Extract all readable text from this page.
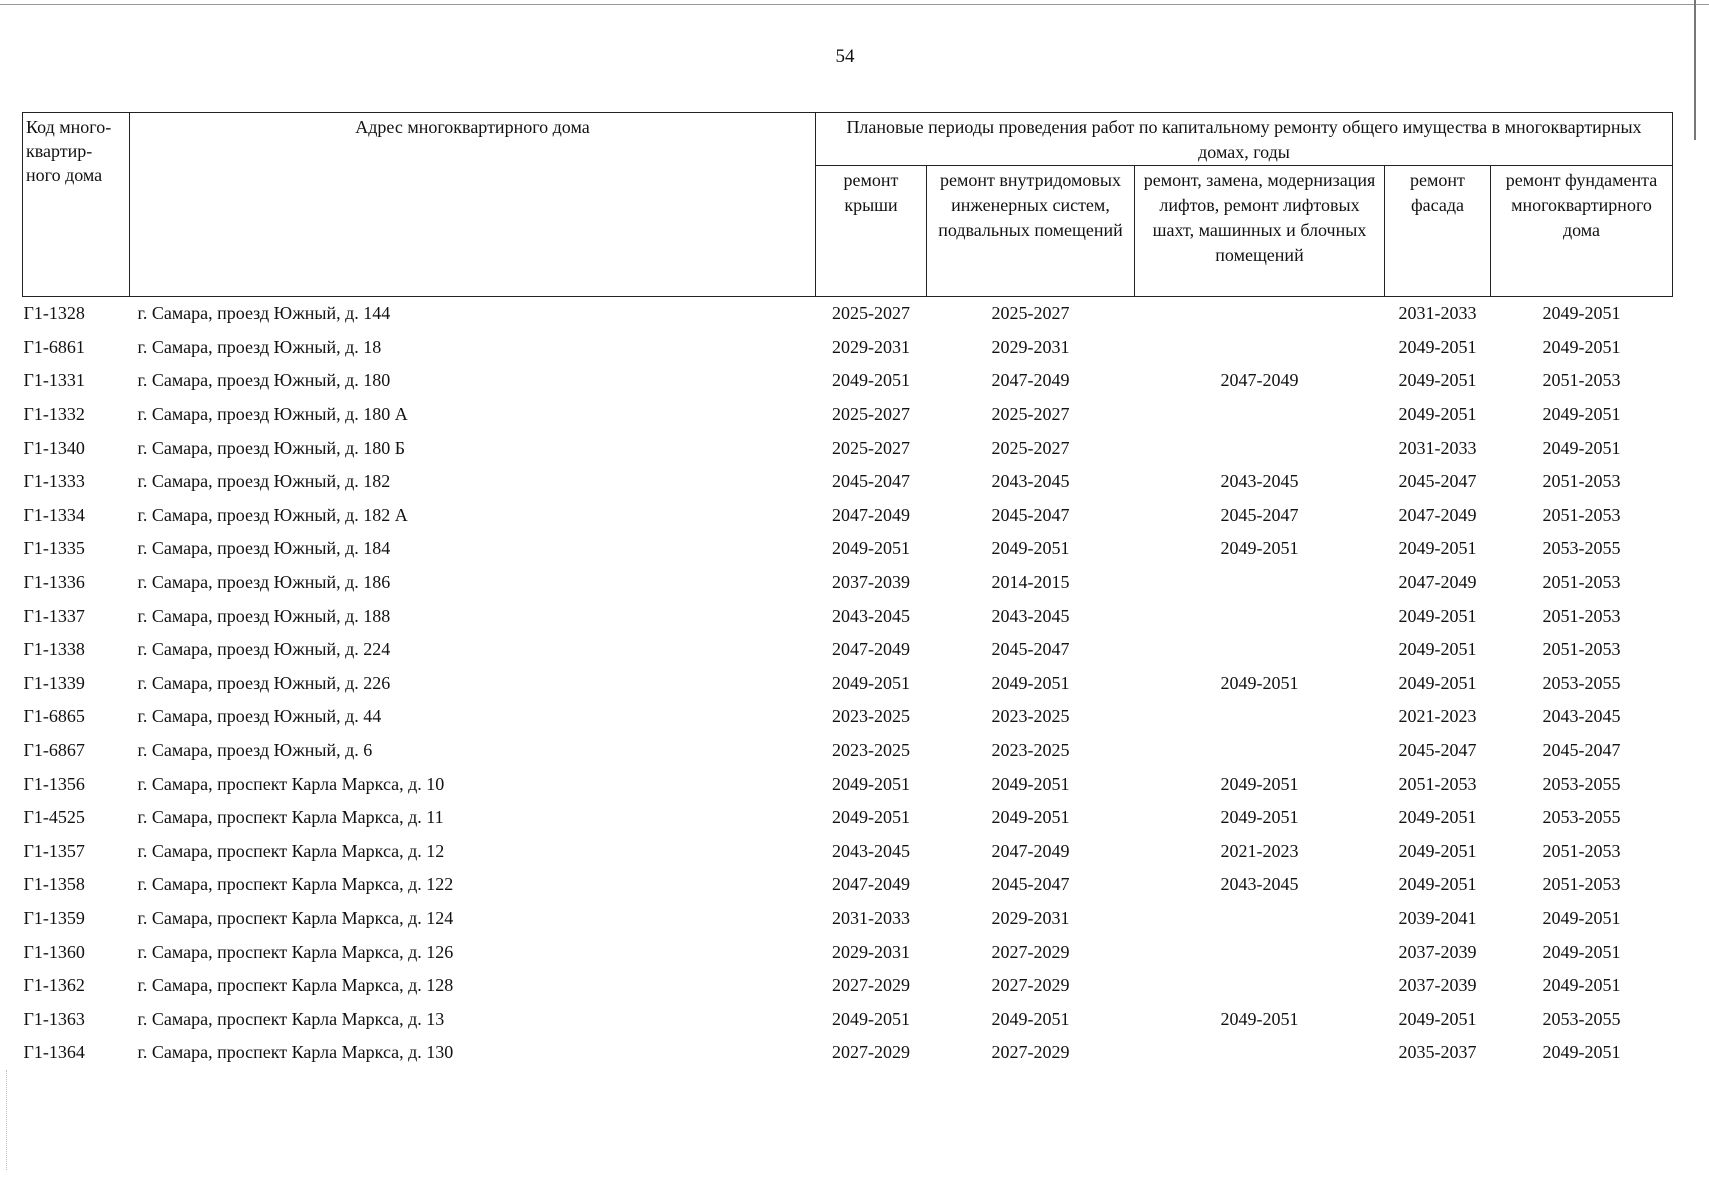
54
Код много-квартир-ного дома	Адрес многоквартирного дома	Плановые периоды проведения работ по капитальному ремонту общего имущества в многоквартирных домах, годы				
		ремонт крыши	ремонт внутридомовых инженерных систем, подвальных помещений	ремонт, замена, модернизация лифтов, ремонт лифтовых шахт, машинных и блочных помещений	ремонт фасада	ремонт фундамента многоквартирного дома
Г1-1328	г. Самара, проезд Южный, д. 144	2025-2027	2025-2027		2031-2033	2049-2051
Г1-6861	г. Самара, проезд Южный, д. 18	2029-2031	2029-2031		2049-2051	2049-2051
Г1-1331	г. Самара, проезд Южный, д. 180	2049-2051	2047-2049	2047-2049	2049-2051	2051-2053
Г1-1332	г. Самара, проезд Южный, д. 180 А	2025-2027	2025-2027		2049-2051	2049-2051
Г1-1340	г. Самара, проезд Южный, д. 180 Б	2025-2027	2025-2027		2031-2033	2049-2051
Г1-1333	г. Самара, проезд Южный, д. 182	2045-2047	2043-2045	2043-2045	2045-2047	2051-2053
Г1-1334	г. Самара, проезд Южный, д. 182 А	2047-2049	2045-2047	2045-2047	2047-2049	2051-2053
Г1-1335	г. Самара, проезд Южный, д. 184	2049-2051	2049-2051	2049-2051	2049-2051	2053-2055
Г1-1336	г. Самара, проезд Южный, д. 186	2037-2039	2014-2015		2047-2049	2051-2053
Г1-1337	г. Самара, проезд Южный, д. 188	2043-2045	2043-2045		2049-2051	2051-2053
Г1-1338	г. Самара, проезд Южный, д. 224	2047-2049	2045-2047		2049-2051	2051-2053
Г1-1339	г. Самара, проезд Южный, д. 226	2049-2051	2049-2051	2049-2051	2049-2051	2053-2055
Г1-6865	г. Самара, проезд Южный, д. 44	2023-2025	2023-2025		2021-2023	2043-2045
Г1-6867	г. Самара, проезд Южный, д. 6	2023-2025	2023-2025		2045-2047	2045-2047
Г1-1356	г. Самара, проспект Карла Маркса, д. 10	2049-2051	2049-2051	2049-2051	2051-2053	2053-2055
Г1-4525	г. Самара, проспект Карла Маркса, д. 11	2049-2051	2049-2051	2049-2051	2049-2051	2053-2055
Г1-1357	г. Самара, проспект Карла Маркса, д. 12	2043-2045	2047-2049	2021-2023	2049-2051	2051-2053
Г1-1358	г. Самара, проспект Карла Маркса, д. 122	2047-2049	2045-2047	2043-2045	2049-2051	2051-2053
Г1-1359	г. Самара, проспект Карла Маркса, д. 124	2031-2033	2029-2031		2039-2041	2049-2051
Г1-1360	г. Самара, проспект Карла Маркса, д. 126	2029-2031	2027-2029		2037-2039	2049-2051
Г1-1362	г. Самара, проспект Карла Маркса, д. 128	2027-2029	2027-2029		2037-2039	2049-2051
Г1-1363	г. Самара, проспект Карла Маркса, д. 13	2049-2051	2049-2051	2049-2051	2049-2051	2053-2055
Г1-1364	г. Самара, проспект Карла Маркса, д. 130	2027-2029	2027-2029		2035-2037	2049-2051
